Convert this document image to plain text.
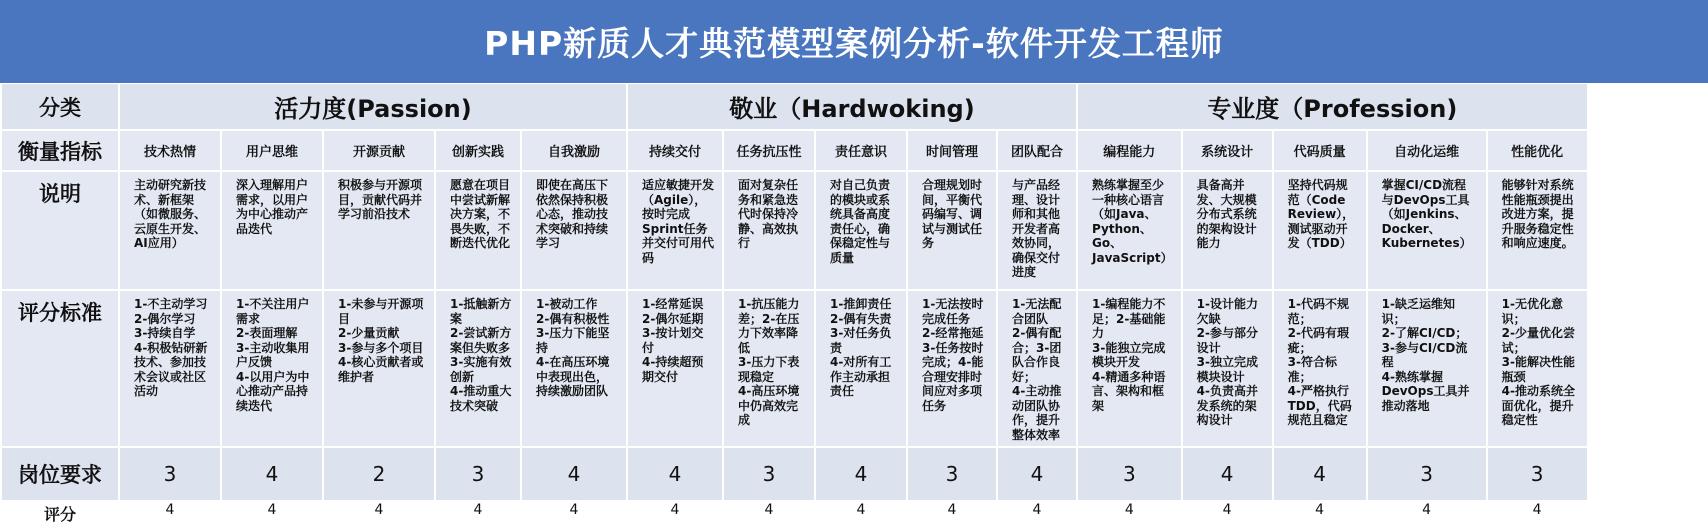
PHP新质人才典范模型案例分析-软件开发工程师
分类	活力度(Passion)					敬业（Hardwoking)					专业度（Profession)				

衡量指标	技术热情	用户思维	开源贡献	创新实践	自我激励	持续交付	任务抗压性	责任意识	时间管理	团队配合	编程能力	系统设计	代码质量	自动化运维	性能优化

说明	主动研究新技术、新框架（如微服务、云原生开发、AI应用）	深入理解用户需求，以用户为中心推动产品迭代	积极参与开源项目，贡献代码并学习前沿技术	愿意在项目中尝试新解决方案，不畏失败，不断迭代优化	即使在高压下依然保持积极心态，推动技术突破和持续学习	适应敏捷开发（Agile），按时完成Sprint任务并交付可用代码	面对复杂任务和紧急迭代时保持冷静、高效执行	对自己负责的模块或系统具备高度责任心，确保稳定性与质量	合理规划时间，平衡代码编写、调试与测试任务	与产品经理、设计师和其他开发者高效协同，确保交付进度	熟练掌握至少一种核心语言（如Java、Python、Go、JavaScript）	具备高并发、大规模分布式系统的架构设计能力	坚持代码规范（Code Review），测试驱动开发（TDD）	掌握CI/CD流程与DevOps工具（如Jenkins、Docker、Kubernetes）	能够针对系统性能瓶颈提出改进方案，提升服务稳定性和响应速度。

评分标准	1-不主动学习
2-偶尔学习
3-持续自学
4-积极钻研新技术、参加技术会议或社区活动	1-不关注用户需求
2-表面理解
3-主动收集用户反馈
4-以用户为中心推动产品持续迭代	1-未参与开源项目
2-少量贡献
3-参与多个项目
4-核心贡献者或维护者	1-抵触新方案
2-尝试新方案但失败多
3-实施有效创新
4-推动重大技术突破	1-被动工作
2-偶有积极性
3-压力下能坚持
4-在高压环境中表现出色，持续激励团队	1-经常延误
2-偶尔延期
3-按计划交付
4-持续超预期交付	1-抗压能力差；2-在压力下效率降低
3-压力下表现稳定
4-高压环境中仍高效完成	1-推卸责任
2-偶有失责
3-对任务负责
4-对所有工作主动承担责任	1-无法按时完成任务
2-经常拖延
3-任务按时完成；4-能合理安排时间应对多项任务	1-无法配合团队
2-偶有配合；3-团队合作良好；
4-主动推动团队协作，提升整体效率	1-编程能力不足；2-基础能力
3-能独立完成模块开发
4-精通多种语言、架构和框架	1-设计能力欠缺
2-参与部分设计
3-独立完成模块设计
4-负责高并发系统的架构设计	1-代码不规范；
2-代码有瑕疵；
3-符合标准；
4-严格执行TDD，代码规范且稳定	1-缺乏运维知识；
2-了解CI/CD；
3-参与CI/CD流程
4-熟练掌握DevOps工具并推动落地	1-无优化意识；
2-少量优化尝试；
3-能解决性能瓶颈
4-推动系统全面优化，提升稳定性

岗位要求	3	4	2	3	4	4	3	4	3	4	3	4	4	3	3

评分	4	4	4	4	4	4	4	4	4	4	4	4	4	4	4
